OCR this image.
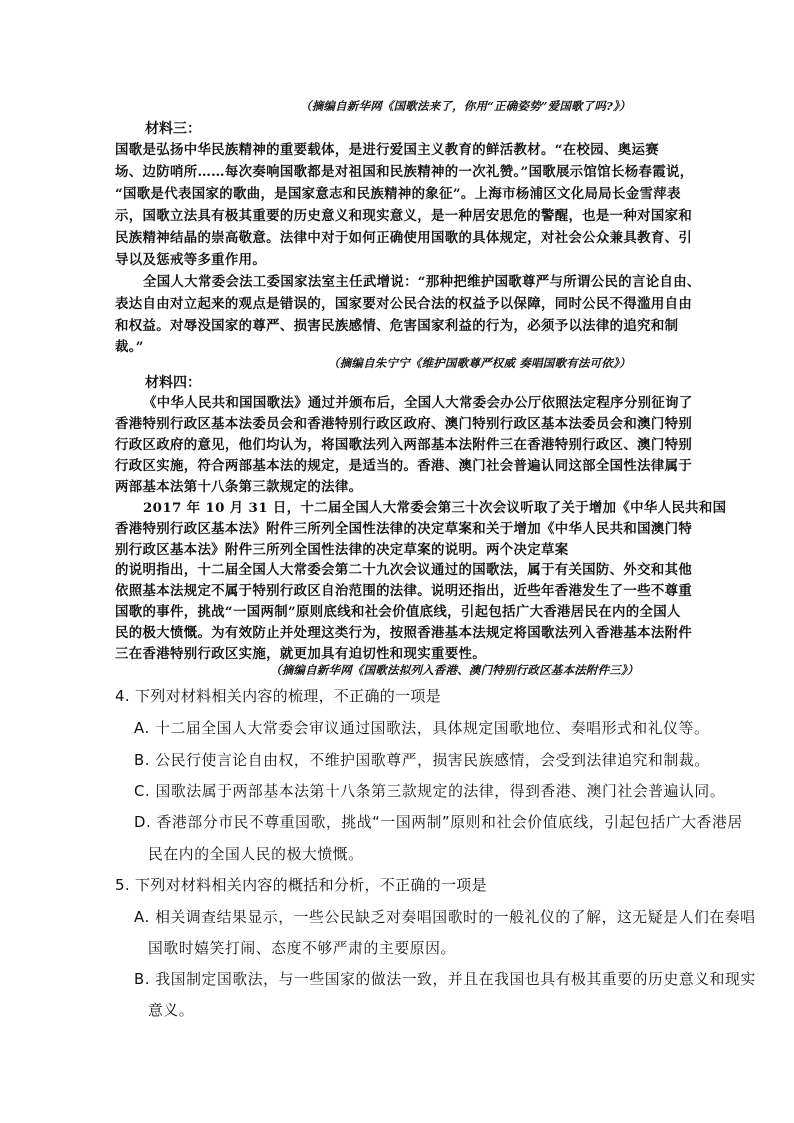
（摘编自新华网《国歌法来了，你用“正确姿势”爱国歌了吗?》）
材料三：
国歌是弘扬中华民族精神的重要载体，是进行爱国主义教育的鲜活教材。“在校园、奥运赛
场、边防哨所……每次奏响国歌都是对祖国和民族精神的一次礼赞。”国歌展示馆馆长杨春霞说，
“国歌是代表国家的歌曲，是国家意志和民族精神的象征”。上海市杨浦区文化局局长金雪萍表
示，国歌立法具有极其重要的历史意义和现实意义，是一种居安思危的警醒，也是一种对国家和
民族精神结晶的崇高敬意。法律中对于如何正确使用国歌的具体规定，对社会公众兼具教育、引
导以及惩戒等多重作用。
全国人大常委会法工委国家法室主任武增说：“那种把维护国歌尊严与所谓公民的言论自由、
表达自由对立起来的观点是错误的，国家要对公民合法的权益予以保障，同时公民不得滥用自由
和权益。对辱没国家的尊严、损害民族感情、危害国家利益的行为，必须予以法律的追究和制
裁。”
（摘编自朱宁宁《维护国歌尊严权威 奏唱国歌有法可依》）
材料四：
《中华人民共和国国歌法》通过并颁布后，全国人大常委会办公厅依照法定程序分别征询了
香港特别行政区基本法委员会和香港特别行政区政府、澳门特别行政区基本法委员会和澳门特别
行政区政府的意见，他们均认为，将国歌法列入两部基本法附件三在香港特别行政区、澳门特别
行政区实施，符合两部基本法的规定，是适当的。香港、澳门社会普遍认同这部全国性法律属于
两部基本法第十八条第三款规定的法律。
2017 年 10 月 31 日，十二届全国人大常委会第三十次会议听取了关于增加《中华人民共和国
香港特别行政区基本法》附件三所列全国性法律的决定草案和关于增加《中华人民共和国澳门特
别行政区基本法》附件三所列全国性法律的决定草案的说明。两个决定草案
的说明指出，十二届全国人大常委会第二十九次会议通过的国歌法，属于有关国防、外交和其他
依照基本法规定不属于特别行政区自治范围的法律。说明还指出，近些年香港发生了一些不尊重
国歌的事件，挑战“一国两制”原则底线和社会价值底线，引起包括广大香港居民在内的全国人
民的极大愤慨。为有效防止并处理这类行为，按照香港基本法规定将国歌法列入香港基本法附件
三在香港特别行政区实施，就更加具有迫切性和现实重要性。
（摘编自新华网《国歌法拟列入香港、澳门特别行政区基本法附件三》）
4. 下列对材料相关内容的梳理，不正确的一项是
A. 十二届全国人大常委会审议通过国歌法，具体规定国歌地位、奏唱形式和礼仪等。
B. 公民行使言论自由权，不维护国歌尊严，损害民族感情，会受到法律追究和制裁。
C. 国歌法属于两部基本法第十八条第三款规定的法律，得到香港、澳门社会普遍认同。
D. 香港部分市民不尊重国歌，挑战“一国两制”原则和社会价值底线，引起包括广大香港居
民在内的全国人民的极大愤慨。
5. 下列对材料相关内容的概括和分析，不正确的一项是
A. 相关调查结果显示，一些公民缺乏对奏唱国歌时的一般礼仪的了解，这无疑是人们在奏唱
国歌时嬉笑打闹、态度不够严肃的主要原因。
B. 我国制定国歌法，与一些国家的做法一致，并且在我国也具有极其重要的历史意义和现实
意义。
